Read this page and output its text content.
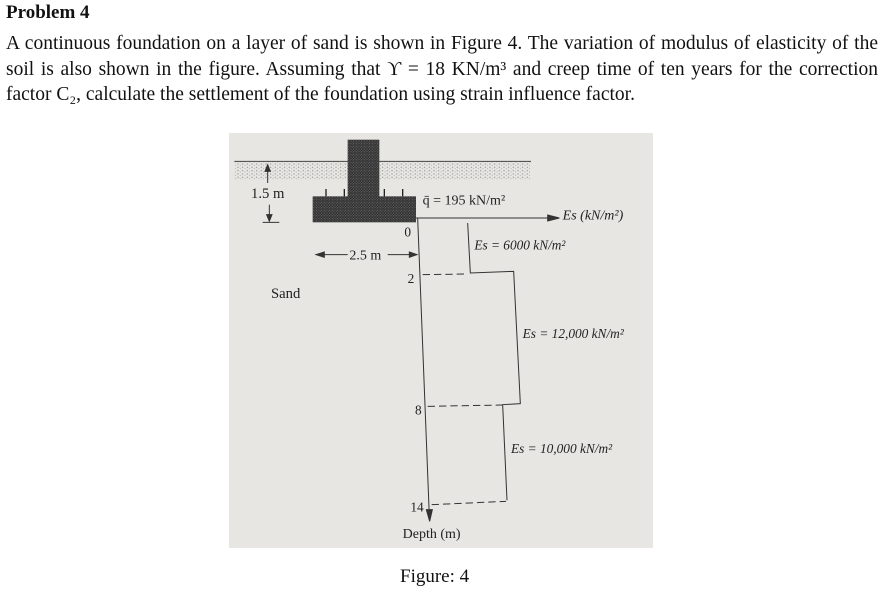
Problem 4
A continuous foundation on a layer of sand is shown in Figure 4. The variation of modulus of elasticity of the soil is also shown in the figure. Assuming that ϒ = 18 KN/m³ and creep time of ten years for the correction factor C₂, calculate the settlement of the foundation using strain influence factor.
1.5 m
Sand
q̄ = 195 kN/m²
Es (kN/m²)
2.5 m
0
2
8
14
Depth (m)
Es = 6000 kN/m²
Es = 12,000 kN/m²
Es = 10,000 kN/m²
Figure: 4
